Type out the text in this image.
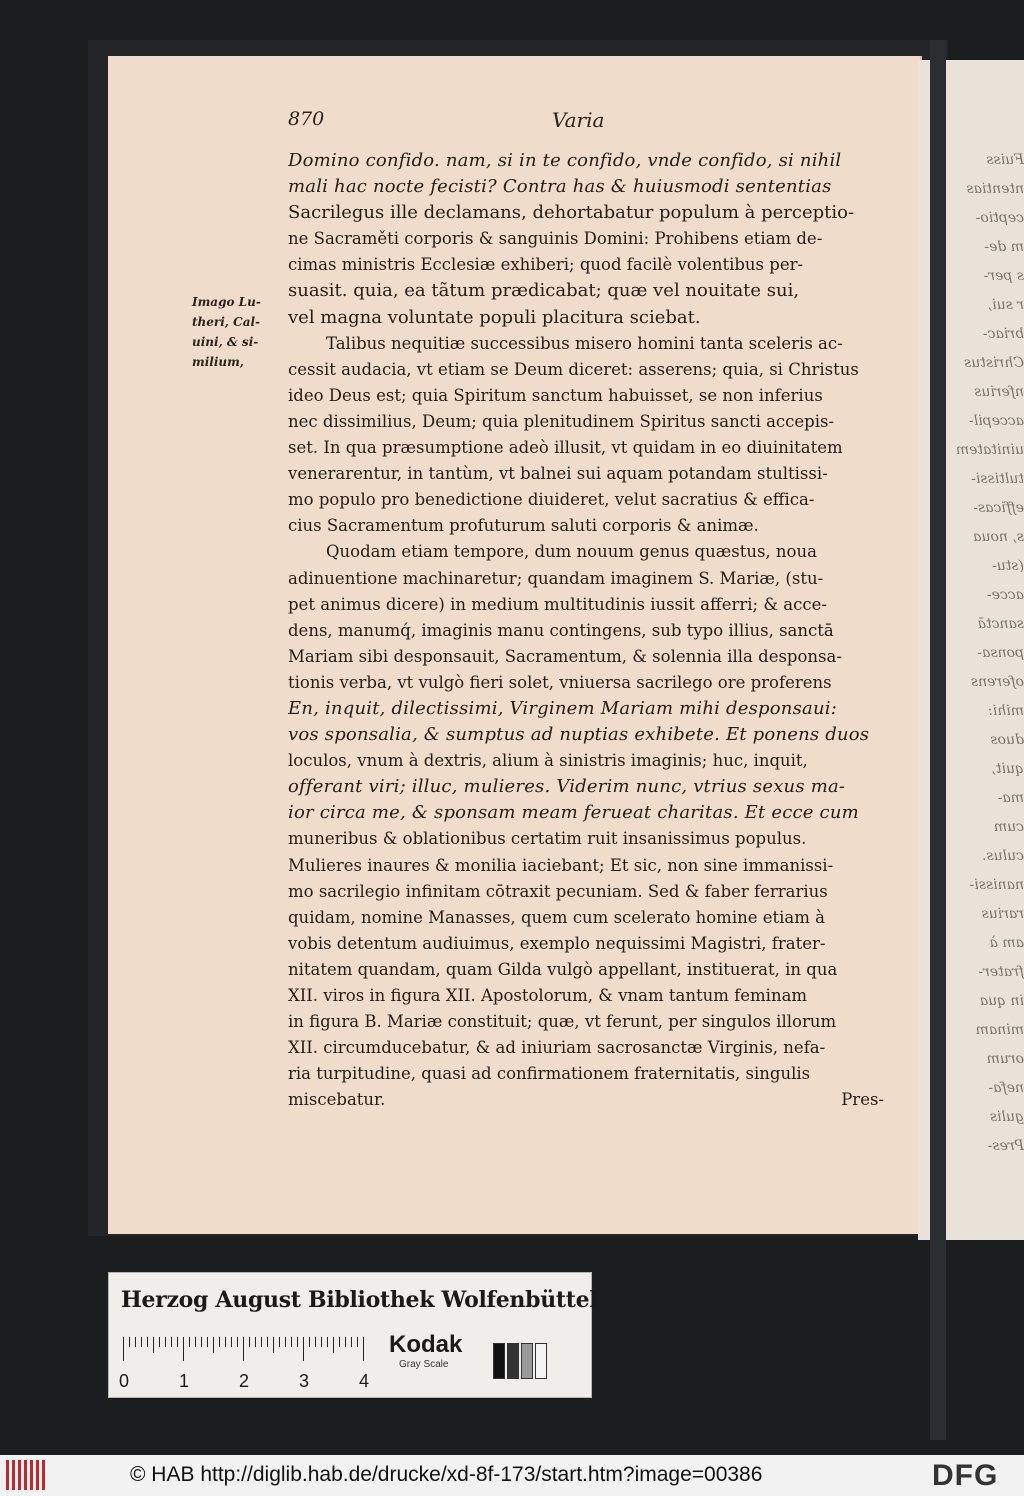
870	Varia
Imago Lu-
theri, Cal-
uini, & si-
milium,
Domino confido. nam, si in te confido, vnde confido, si nihil
mali hac nocte fecisti? Contra has & huiusmodi sententias
Sacrilegus ille declamans, dehortabatur populum à perceptio-
ne Sacraměti corporis & sanguinis Domini: Prohibens etiam de-
cimas ministris Ecclesiæ exhiberi; quod facilè volentibus per-
suasit. quia, ea tãtum prædicabat; quæ vel nouitate sui,
vel magna voluntate populi placitura sciebat.
Talibus nequitiæ successibus misero homini tanta sceleris ac-
cessit audacia, vt etiam se Deum diceret: asserens; quia, si Christus
ideo Deus est; quia Spiritum sanctum habuisset, se non inferius
nec dissimilius, Deum; quia plenitudinem Spiritus sancti accepis-
set. In qua præsumptione adeò illusit, vt quidam in eo diuinitatem
venerarentur, in tantùm, vt balnei sui aquam potandam stultissi-
mo populo pro benedictione diuideret, velut sacratius & effica-
cius Sacramentum profuturum saluti corporis & animæ.
Quodam etiam tempore, dum nouum genus quæstus, noua
adinuentione machinaretur; quandam imaginem S. Mariæ, (stu-
pet animus dicere) in medium multitudinis iussit afferri; & acce-
dens, manumq́, imaginis manu contingens, sub typo illius, sanctā
Mariam sibi desponsauit, Sacramentum, & solennia illa desponsa-
tionis verba, vt vulgò fieri solet, vniuersa sacrilego ore proferens
En, inquit, dilectissimi, Virginem Mariam mihi desponsaui:
vos sponsalia, & sumptus ad nuptias exhibete. Et ponens duos
loculos, vnum à dextris, alium à sinistris imaginis; huc, inquit,
offerant viri; illuc, mulieres. Viderim nunc, vtrius sexus ma-
ior circa me, & sponsam meam ferueat charitas. Et ecce cum
muneribus & oblationibus certatim ruit insanissimus populus.
Mulieres inaures & monilia iaciebant; Et sic, non sine immanissi-
mo sacrilegio infinitam cōtraxit pecuniam. Sed & faber ferrarius
quidam, nomine Manasses, quem cum scelerato homine etiam à
vobis detentum audiuimus, exemplo nequissimi Magistri, frater-
nitatem quandam, quam Gilda vulgò appellant, instituerat, in qua
XII. viros in figura XII. Apostolorum, & vnam tantum feminam
in figura B. Mariæ constituit; quæ, vt ferunt, per singulos illorum
XII. circumducebatur, & ad iniuriam sacrosanctæ Virginis, nefa-
ria turpitudine, quasi ad confirmationem fraternitatis, singulis
miscebatur.	Pres-
Fuiss
ntentias
ceptio-
m de-
s per-
r sui,
briac-
Christus
nferius
accepil-
uinitatem
tultissi-
efficas-
s, noua
(stu-
acce-
sanctā
ponsa-
oferens
mihi:
duos
quit,
ma-
cum
culus.
nanissi-
rarius
am à
frater-
in qua
minam
orum
nefa-
gulis
Pres-
Herzog August Bibliothek Wolfenbüttel
0	1	2	3	4
Kodak
Gray Scale
© HAB http://diglib.hab.de/drucke/xd-8f-173/start.htm?image=00386	DFG
